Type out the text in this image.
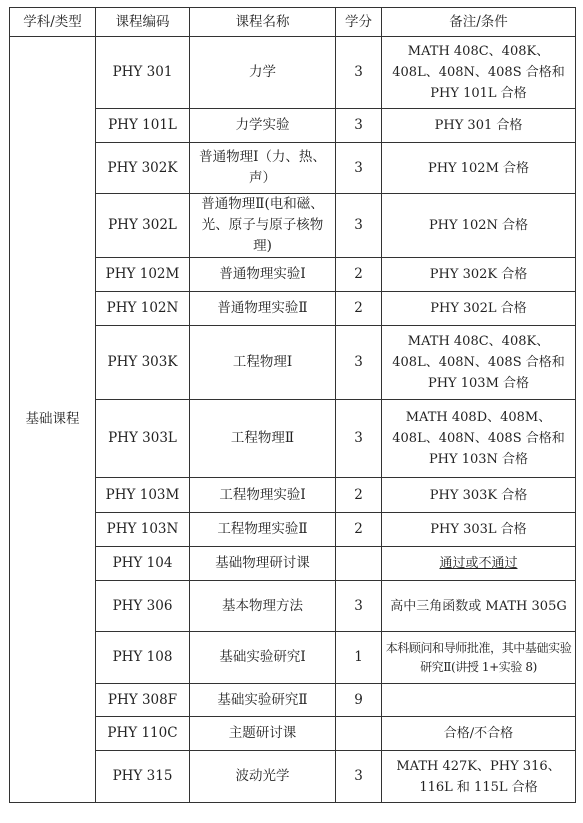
学科/类型	课程编码	课程名称	学分	备注/条件
基础课程	PHY 301	力学	3	MATH 408C、408K、408L、408N、408S 合格和 PHY 101L 合格
	PHY 101L	力学实验	3	PHY 301 合格
	PHY 302K	普通物理Ⅰ（力、热、声）	3	PHY 102M 合格
	PHY 302L	普通物理Ⅱ(电和磁、光、原子与原子核物理)	3	PHY 102N 合格
	PHY 102M	普通物理实验Ⅰ	2	PHY 302K 合格
	PHY 102N	普通物理实验Ⅱ	2	PHY 302L 合格
	PHY 303K	工程物理Ⅰ	3	MATH 408C、408K、408L、408N、408S 合格和 PHY 103M 合格
	PHY 303L	工程物理Ⅱ	3	MATH 408D、408M、408L、408N、408S 合格和 PHY 103N 合格
	PHY 103M	工程物理实验Ⅰ	2	PHY 303K 合格
	PHY 103N	工程物理实验Ⅱ	2	PHY 303L 合格
	PHY 104	基础物理研讨课		通过或不通过
	PHY 306	基本物理方法	3	高中三角函数或 MATH 305G
	PHY 108	基础实验研究Ⅰ	1	本科顾问和导师批准，其中基础实验研究Ⅱ(讲授 1+实验 8)
	PHY 308F	基础实验研究Ⅱ	9	
	PHY 110C	主题研讨课		合格/不合格
	PHY 315	波动光学	3	MATH 427K、PHY 316、116L 和 115L 合格
